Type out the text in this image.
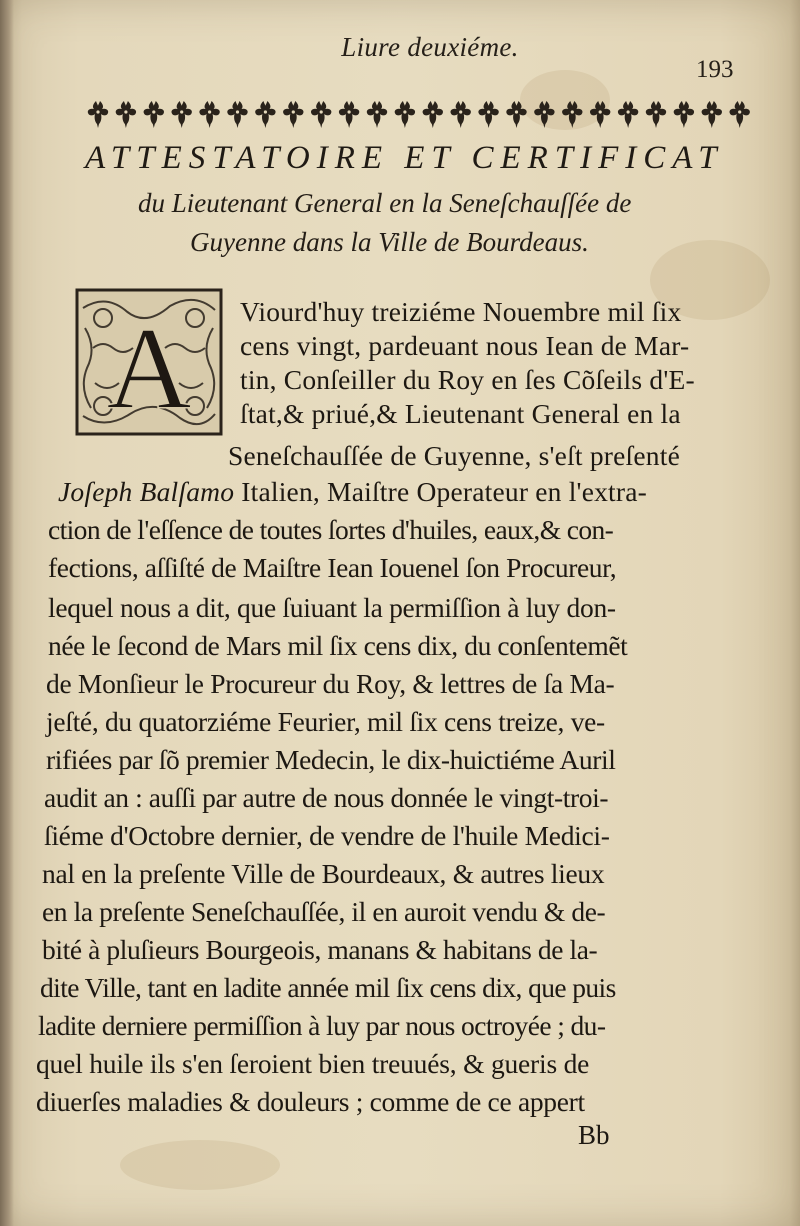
Liure deuxiéme.
193
ATTESTATOIRE ET CERTIFICAT
du Lieutenant General en la Seneſchauſſée de
Guyenne dans la Ville de Bourdeaus.
A Viourd'huy treiziéme Nouembre mil ſix
cens vingt, pardeuant nous Iean de Mar-
tin, Conſeiller du Roy en ſes Cõſeils d'E-
ſtat,& priué,& Lieutenant General en la
Seneſchauſſée de Guyenne, s'eſt preſenté
Joſeph Balſamo Italien, Maiſtre Operateur en l'extra-
ction de l'eſſence de toutes ſortes d'huiles, eaux,& con-
fections, aſſiſté de Maiſtre Iean Iouenel ſon Procureur,
lequel nous a dit, que ſuiuant la permiſſion à luy don-
née le ſecond de Mars mil ſix cens dix, du conſentemẽt
de Monſieur le Procureur du Roy, & lettres de ſa Ma-
jeſté, du quatorziéme Feurier, mil ſix cens treize, ve-
rifiées par ſõ premier Medecin, le dix-huictiéme Auril
audit an : auſſi par autre de nous donnée le vingt-troi-
ſiéme d'Octobre dernier, de vendre de l'huile Medici-
nal en la preſente Ville de Bourdeaux, & autres lieux
en la preſente Seneſchauſſée, il en auroit vendu & de-
bité à pluſieurs Bourgeois, manans & habitans de la-
dite Ville, tant en ladite année mil ſix cens dix, que puis
ladite derniere permiſſion à luy par nous octroyée ; du-
quel huile ils s'en ſeroient bien treuués, & gueris de
diuerſes maladies & douleurs ; comme de ce appert
Bb
